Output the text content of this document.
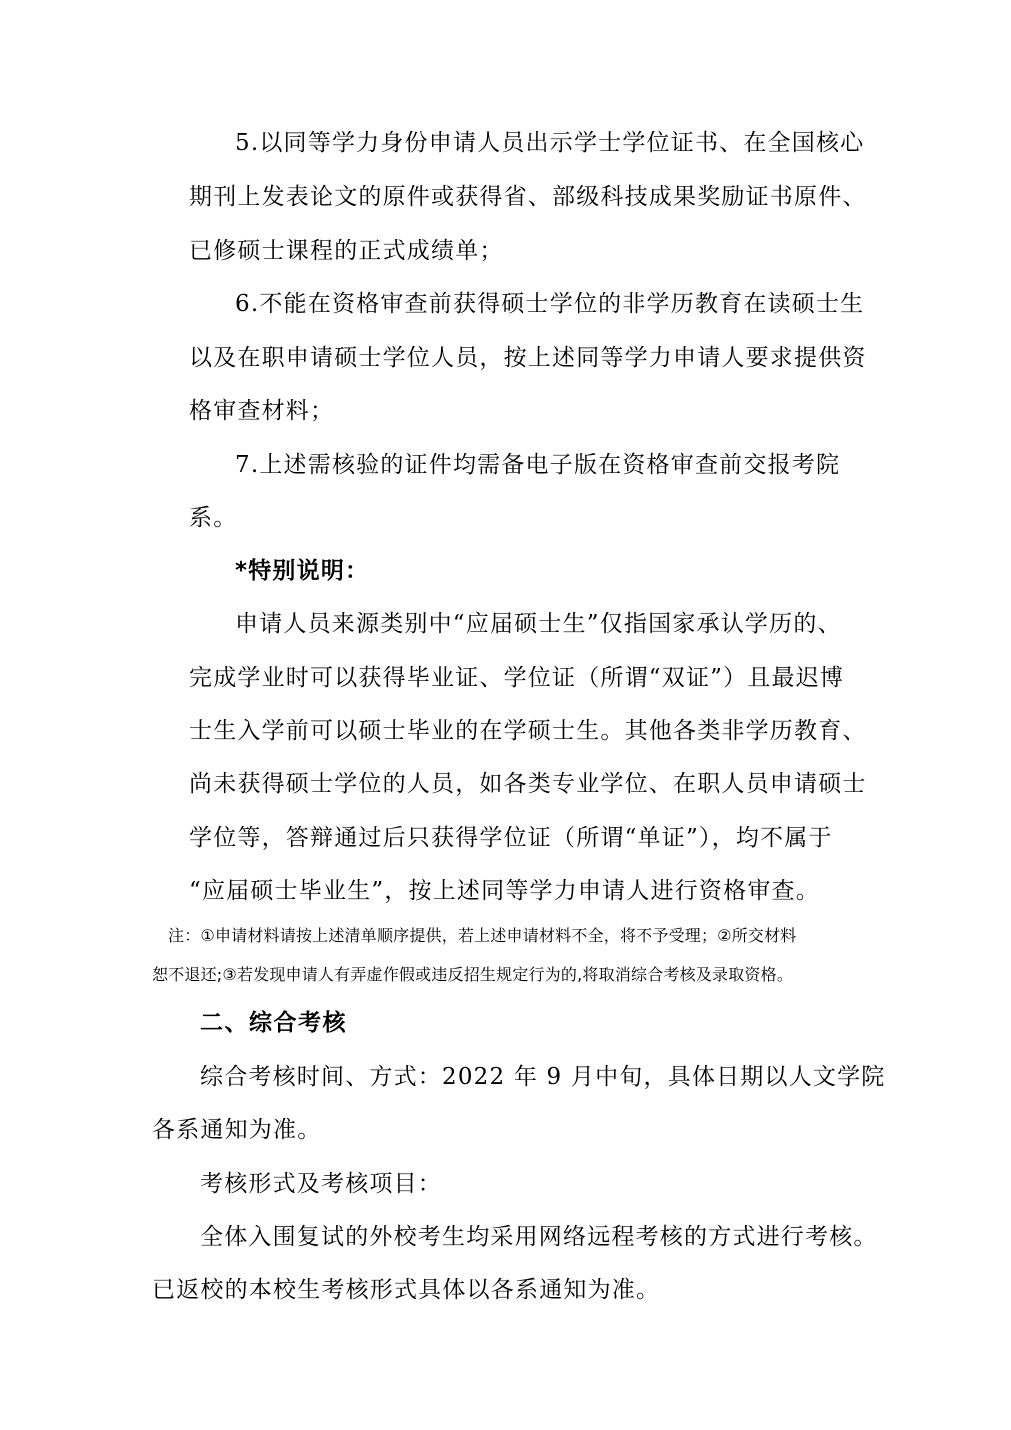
5.以同等学力身份申请人员出示学士学位证书、在全国核心
期刊上发表论文的原件或获得省、部级科技成果奖励证书原件、
已修硕士课程的正式成绩单；
6.不能在资格审查前获得硕士学位的非学历教育在读硕士生
以及在职申请硕士学位人员，按上述同等学力申请人要求提供资
格审查材料；
7.上述需核验的证件均需备电子版在资格审查前交报考院
系。
*特别说明：
申请人员来源类别中“应届硕士生”仅指国家承认学历的、
完成学业时可以获得毕业证、学位证（所谓“双证”）且最迟博
士生入学前可以硕士毕业的在学硕士生。其他各类非学历教育、
尚未获得硕士学位的人员，如各类专业学位、在职人员申请硕士
学位等，答辩通过后只获得学位证（所谓“单证”），均不属于
“应届硕士毕业生”，按上述同等学力申请人进行资格审查。
注：①申请材料请按上述清单顺序提供，若上述申请材料不全，将不予受理；②所交材料
恕不退还;③若发现申请人有弄虚作假或违反招生规定行为的,将取消综合考核及录取资格。
二、综合考核
综合考核时间、方式：2022 年 9 月中旬，具体日期以人文学院
各系通知为准。
考核形式及考核项目：
全体入围复试的外校考生均采用网络远程考核的方式进行考核。
已返校的本校生考核形式具体以各系通知为准。
